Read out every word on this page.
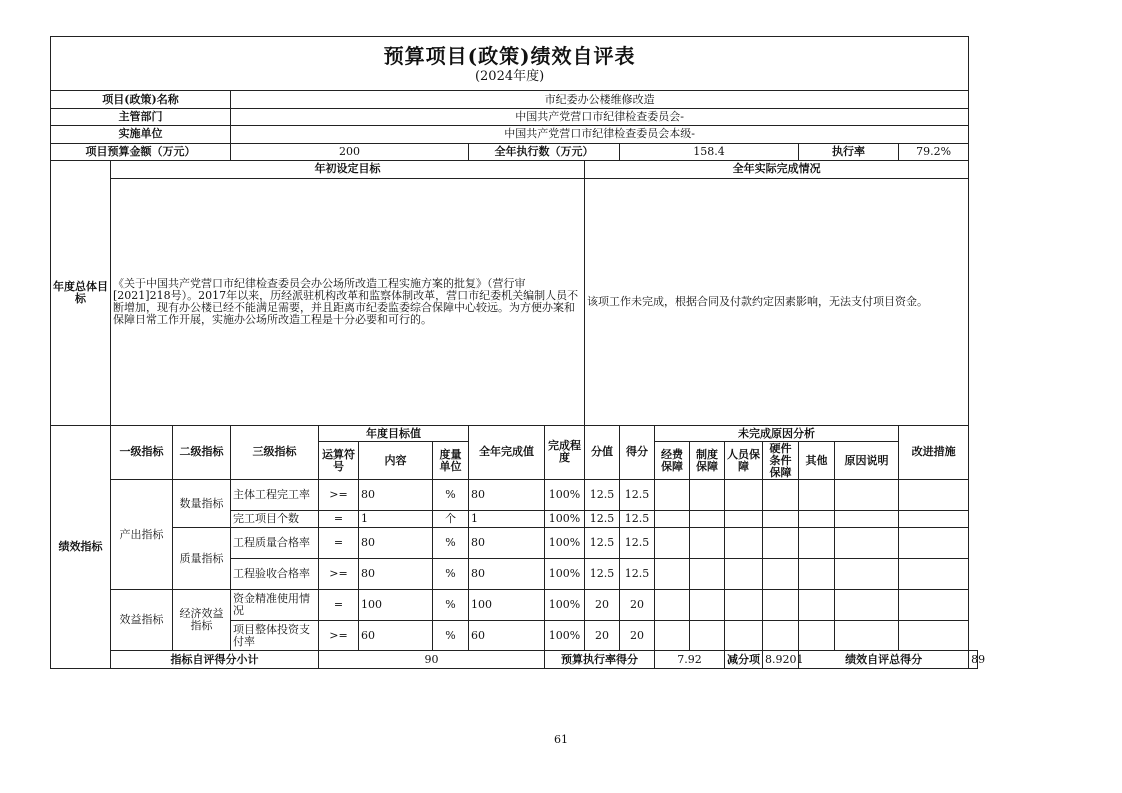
预算项目(政策)绩效自评表
(2024年度)																		

项目(政策)名称			市纪委办公楼维修改造															
主管部门			中国共产党营口市纪律检查委员会-															
实施单位			中国共产党营口市纪律检查委员会本级-															
项目预算金额（万元）			200				全年执行数（万元）			158.4					执行率		79.2%	
年度总体目标	年初设定目标								全年实际完成情况									
	《关于中国共产党营口市纪律检查委员会办公场所改造工程实施方案的批复》（营行审[2021]218号）。2017年以来，历经派驻机构改革和监察体制改革，营口市纪委机关编制人员不断增加，现有办公楼已经不能满足需要，并且距离市纪委监委综合保障中心较远。为方便办案和保障日常工作开展，实施办公场所改造工程是十分必要和可行的。								该项工作未完成，根据合同及付款约定因素影响，无法支付项目资金。									
绩效指标	一级指标	二级指标	三级指标	年度目标值			全年完成值	完成程度	分值	得分	未完成原因分析						改进措施	
				运算符号	内容	度量单位					经费保障	制度保障	人员保障	硬件条件保障	其他	原因说明		

	产出指标	数量指标	主体工程完工率	>=	80	%	80	100%	12.5	12.5								
			完工项目个数	=	1	个	1	100%	12.5	12.5								
		质量指标	工程质量合格率	=	80	%	80	100%	12.5	12.5								
			工程验收合格率	>=	80	%	80	100%	12.5	12.5								
	效益指标	经济效益指标	资金精准使用情况	=	100	%	100	100%	20	20								
			项目整体投资支付率	>=	60	%	60	100%	20	20								
	指标自评得分小计			90				预算执行率得分			7.92		减分项	8.9201	绩效自评总得分			89
61
